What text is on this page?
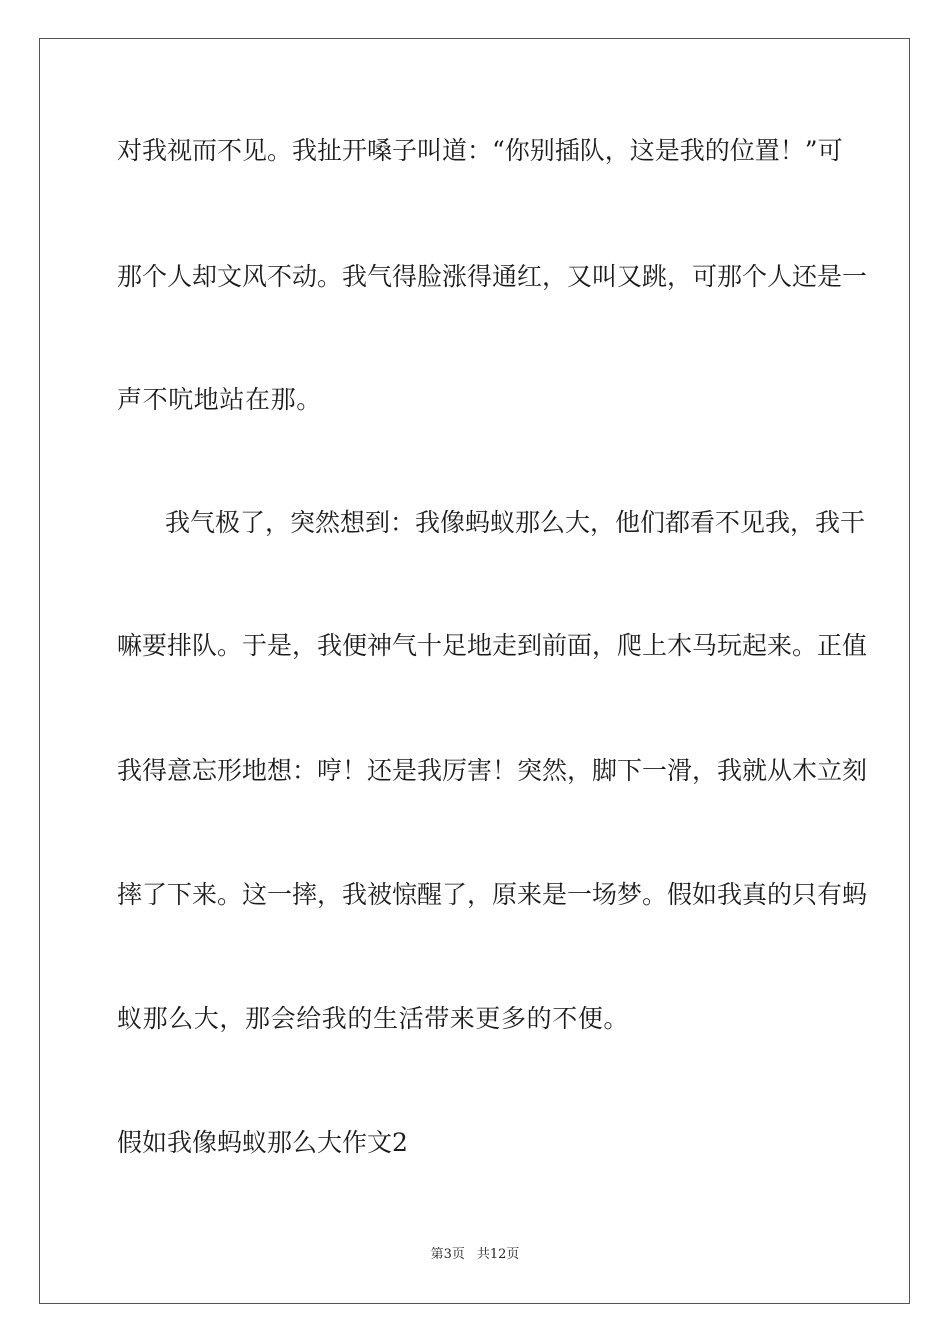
对我视而不见。我扯开嗓子叫道：“你别插队，这是我的位置！”可
那个人却文风不动。我气得脸涨得通红，又叫又跳，可那个人还是一
声不吭地站在那。
我气极了，突然想到：我像蚂蚁那么大，他们都看不见我，我干
嘛要排队。于是，我便神气十足地走到前面，爬上木马玩起来。正值
我得意忘形地想：哼！还是我厉害！突然，脚下一滑，我就从木立刻
摔了下来。这一摔，我被惊醒了，原来是一场梦。假如我真的只有蚂
蚁那么大，那会给我的生活带来更多的不便。
假如我像蚂蚁那么大作文2
第3页 共12页
